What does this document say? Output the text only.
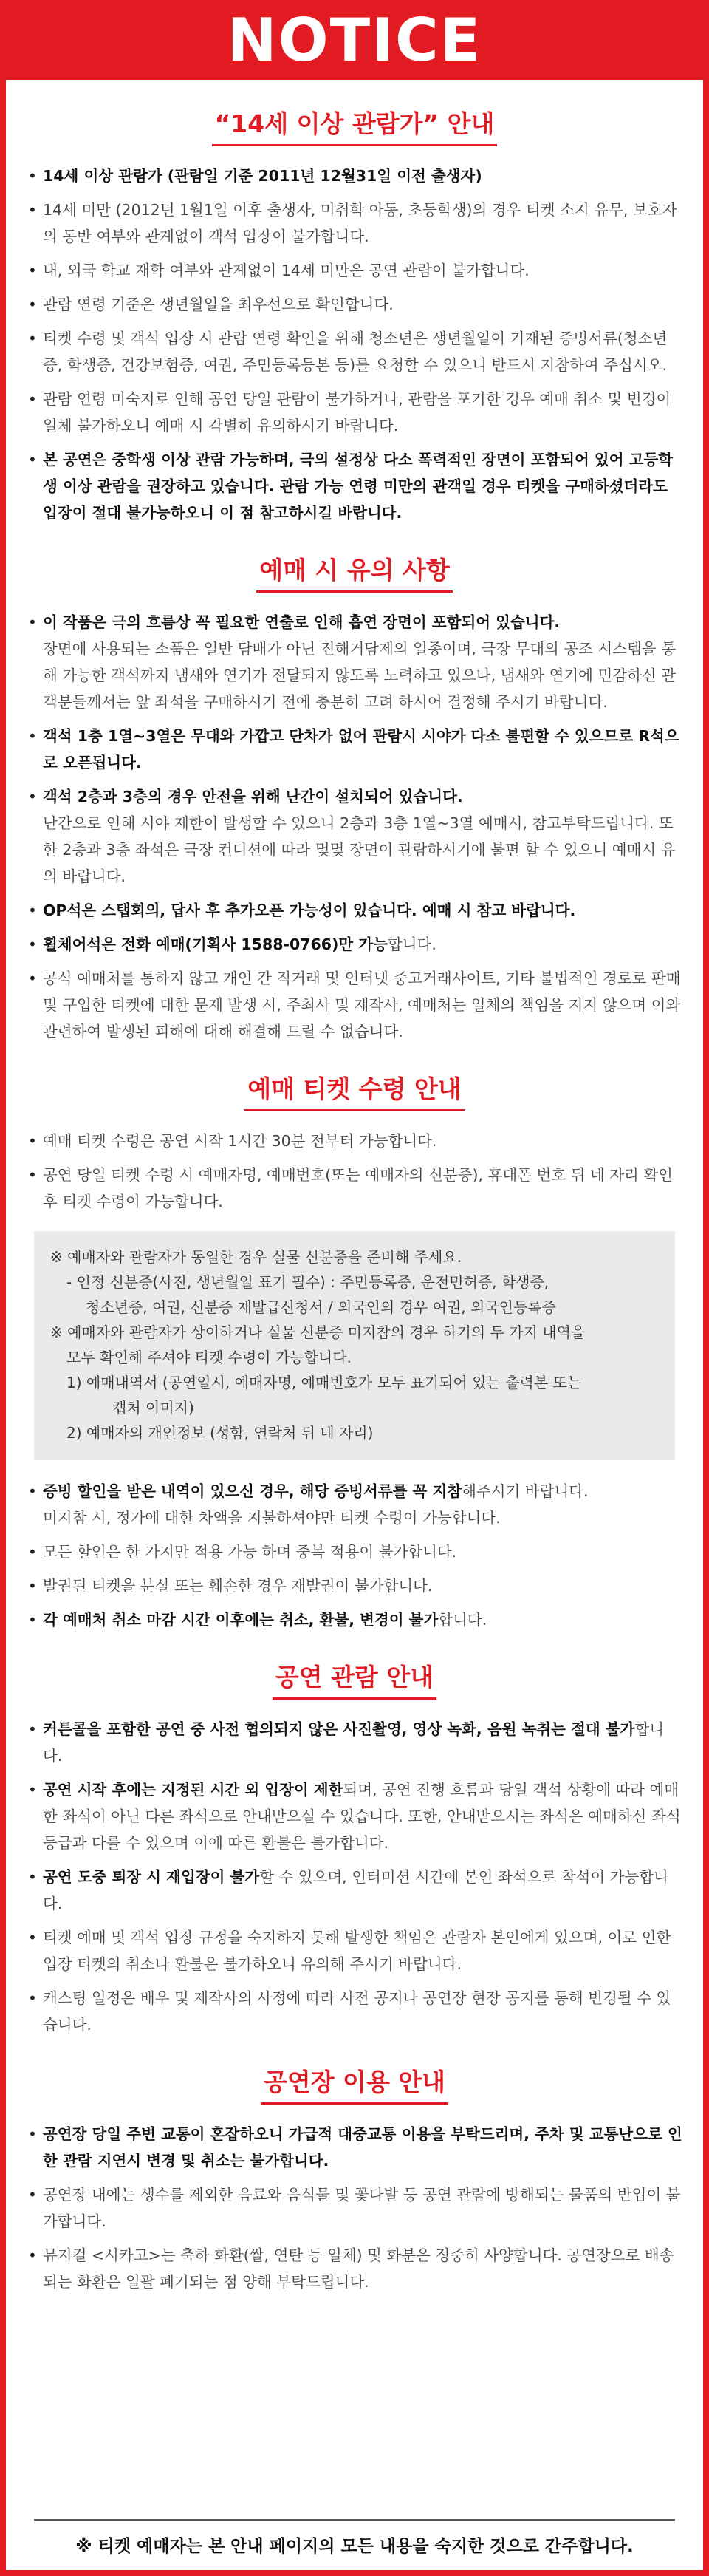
NOTICE
“14세 이상 관람가” 안내
• 14세 이상 관람가 (관람일 기준 2011년 12월31일 이전 출생자)
• 14세 미만 (2012년 1월1일 이후 출생자, 미취학 아동, 초등학생)의 경우 티켓 소지 유무, 보호자의 동반 여부와 관계없이 객석 입장이 불가합니다.
• 내, 외국 학교 재학 여부와 관계없이 14세 미만은 공연 관람이 불가합니다.
• 관람 연령 기준은 생년월일을 최우선으로 확인합니다.
• 티켓 수령 및 객석 입장 시 관람 연령 확인을 위해 청소년은 생년월일이 기재된 증빙서류(청소년증, 학생증, 건강보험증, 여권, 주민등록등본 등)를 요청할 수 있으니 반드시 지참하여 주십시오.
• 관람 연령 미숙지로 인해 공연 당일 관람이 불가하거나, 관람을 포기한 경우 예매 취소 및 변경이 일체 불가하오니 예매 시 각별히 유의하시기 바랍니다.
• 본 공연은 중학생 이상 관람 가능하며, 극의 설정상 다소 폭력적인 장면이 포함되어 있어 고등학생 이상 관람을 권장하고 있습니다. 관람 가능 연령 미만의 관객일 경우 티켓을 구매하셨더라도 입장이 절대 불가능하오니 이 점 참고하시길 바랍니다.
예매 시 유의 사항
• 이 작품은 극의 흐름상 꼭 필요한 연출로 인해 흡연 장면이 포함되어 있습니다.
장면에 사용되는 소품은 일반 담배가 아닌 진해거담제의 일종이며, 극장 무대의 공조 시스템을 통해 가능한 객석까지 냄새와 연기가 전달되지 않도록 노력하고 있으나, 냄새와 연기에 민감하신 관객분들께서는 앞 좌석을 구매하시기 전에 충분히 고려 하시어 결정해 주시기 바랍니다.
• 객석 1층 1열~3열은 무대와 가깝고 단차가 없어 관람시 시야가 다소 불편할 수 있으므로 R석으로 오픈됩니다.
• 객석 2층과 3층의 경우 안전을 위해 난간이 설치되어 있습니다.
난간으로 인해 시야 제한이 발생할 수 있으니 2층과 3층 1열~3열 예매시, 참고부탁드립니다. 또한 2층과 3층 좌석은 극장 컨디션에 따라 몇몇 장면이 관람하시기에 불편 할 수 있으니 예매시 유의 바랍니다.
• OP석은 스탭회의, 답사 후 추가오픈 가능성이 있습니다. 예매 시 참고 바랍니다.
• 휠체어석은 전화 예매(기획사 1588-0766)만 가능합니다.
• 공식 예매처를 통하지 않고 개인 간 직거래 및 인터넷 중고거래사이트, 기타 불법적인 경로로 판매 및 구입한 티켓에 대한 문제 발생 시, 주최사 및 제작사, 예매처는 일체의 책임을 지지 않으며 이와 관련하여 발생된 피해에 대해 해결해 드릴 수 없습니다.
예매 티켓 수령 안내
• 예매 티켓 수령은 공연 시작 1시간 30분 전부터 가능합니다.
• 공연 당일 티켓 수령 시 예매자명, 예매번호(또는 예매자의 신분증), 휴대폰 번호 뒤 네 자리 확인 후 티켓 수령이 가능합니다.
※ 예매자와 관람자가 동일한 경우 실물 신분증을 준비해 주세요.
- 인정 신분증(사진, 생년월일 표기 필수) : 주민등록증, 운전면허증, 학생증,
청소년증, 여권, 신분증 재발급신청서 / 외국인의 경우 여권, 외국인등록증
※ 예매자와 관람자가 상이하거나 실물 신분증 미지참의 경우 하기의 두 가지 내역을
모두 확인해 주셔야 티켓 수령이 가능합니다.
1) 예매내역서 (공연일시, 예매자명, 예매번호가 모두 표기되어 있는 출력본 또는
캡처 이미지)
2) 예매자의 개인정보 (성함, 연락처 뒤 네 자리)
• 증빙 할인을 받은 내역이 있으신 경우, 해당 증빙서류를 꼭 지참해주시기 바랍니다.
미지참 시, 정가에 대한 차액을 지불하셔야만 티켓 수령이 가능합니다.
• 모든 할인은 한 가지만 적용 가능 하며 중복 적용이 불가합니다.
• 발권된 티켓을 분실 또는 훼손한 경우 재발권이 불가합니다.
• 각 예매처 취소 마감 시간 이후에는 취소, 환불, 변경이 불가합니다.
공연 관람 안내
• 커튼콜을 포함한 공연 중 사전 협의되지 않은 사진촬영, 영상 녹화, 음원 녹취는 절대 불가합니다.
• 공연 시작 후에는 지정된 시간 외 입장이 제한되며, 공연 진행 흐름과 당일 객석 상황에 따라 예매한 좌석이 아닌 다른 좌석으로 안내받으실 수 있습니다. 또한, 안내받으시는 좌석은 예매하신 좌석 등급과 다를 수 있으며 이에 따른 환불은 불가합니다.
• 공연 도중 퇴장 시 재입장이 불가할 수 있으며, 인터미션 시간에 본인 좌석으로 착석이 가능합니다.
• 티켓 예매 및 객석 입장 규정을 숙지하지 못해 발생한 책임은 관람자 본인에게 있으며, 이로 인한 입장 티켓의 취소나 환불은 불가하오니 유의해 주시기 바랍니다.
• 캐스팅 일정은 배우 및 제작사의 사정에 따라 사전 공지나 공연장 현장 공지를 통해 변경될 수 있습니다.
공연장 이용 안내
• 공연장 당일 주변 교통이 혼잡하오니 가급적 대중교통 이용을 부탁드리며, 주차 및 교통난으로 인한 관람 지연시 변경 및 취소는 불가합니다.
• 공연장 내에는 생수를 제외한 음료와 음식물 및 꽃다발 등 공연 관람에 방해되는 물품의 반입이 불가합니다.
• 뮤지컬 <시카고>는 축하 화환(쌀, 연탄 등 일체) 및 화분은 정중히 사양합니다. 공연장으로 배송되는 화환은 일괄 폐기되는 점 양해 부탁드립니다.
※ 티켓 예매자는 본 안내 페이지의 모든 내용을 숙지한 것으로 간주합니다.
